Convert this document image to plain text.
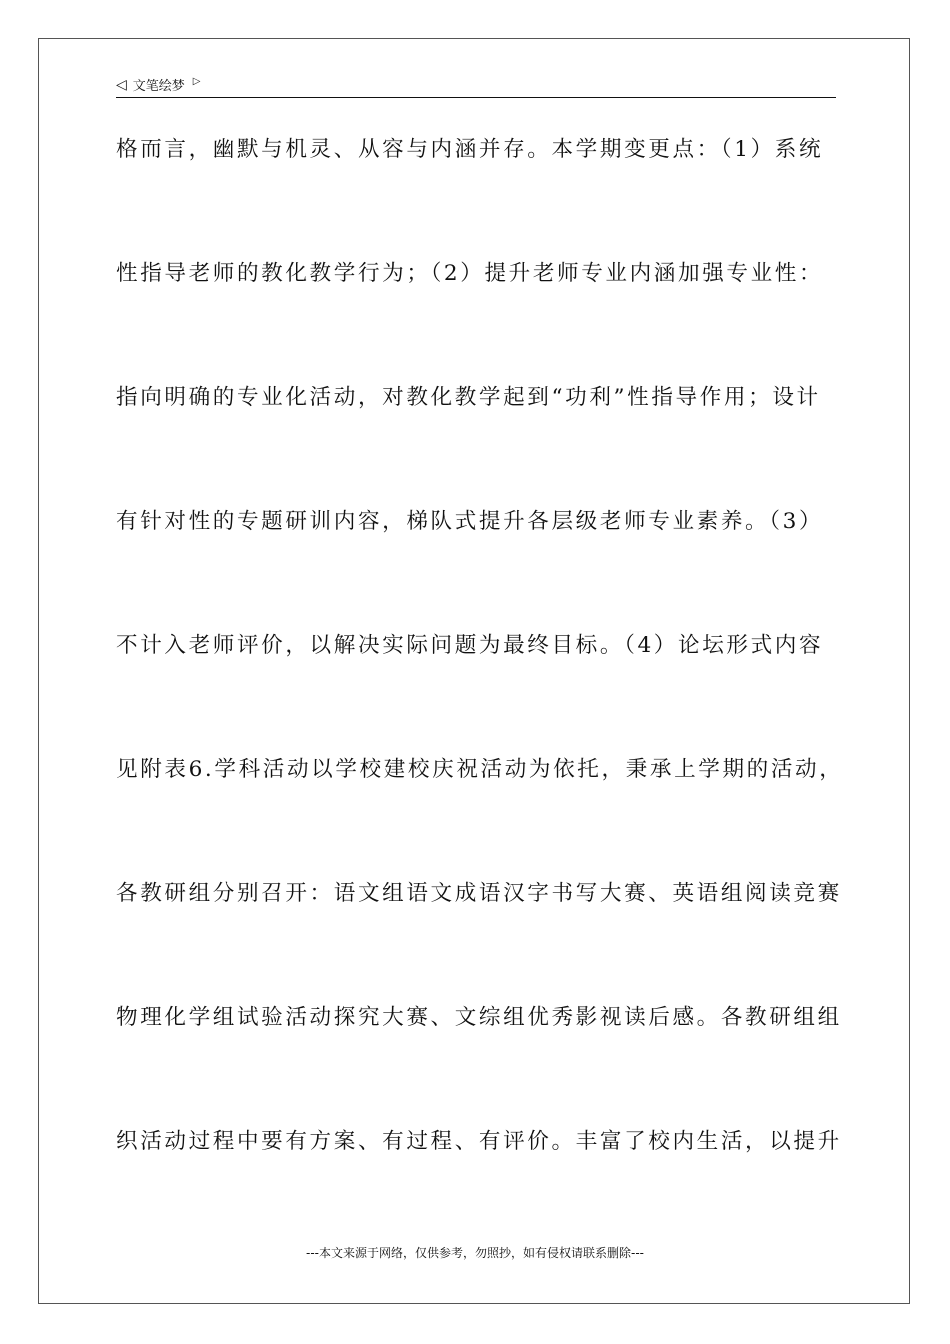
◁ 文笔绘梦 ▷
格而言，幽默与机灵、从容与内涵并存。本学期变更点：（1）系统
性指导老师的教化教学行为；（2）提升老师专业内涵加强专业性：
指向明确的专业化活动，对教化教学起到“功利”性指导作用；设计
有针对性的专题研训内容，梯队式提升各层级老师专业素养。（3）
不计入老师评价，以解决实际问题为最终目标。（4）论坛形式内容
见附表6.学科活动以学校建校庆祝活动为依托，秉承上学期的活动，
各教研组分别召开：语文组语文成语汉字书写大赛、英语组阅读竞赛
物理化学组试验活动探究大赛、文综组优秀影视读后感。各教研组组
织活动过程中要有方案、有过程、有评价。丰富了校内生活，以提升
---本文来源于网络，仅供参考，勿照抄，如有侵权请联系删除---
